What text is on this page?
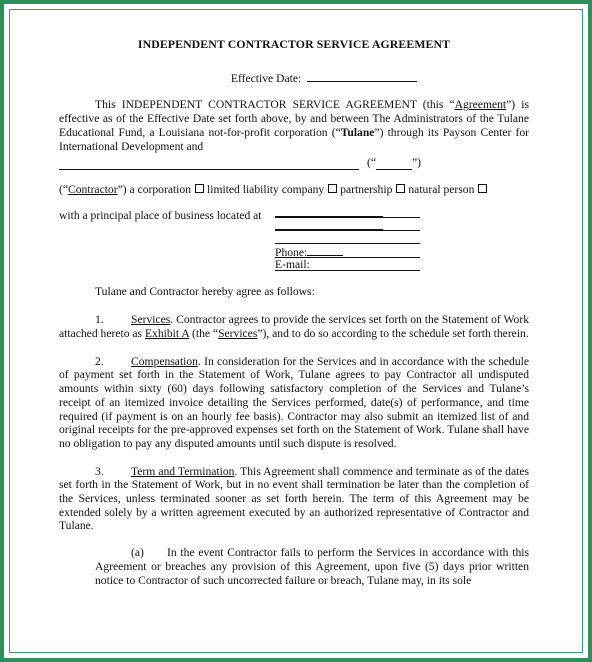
INDEPENDENT CONTRACTOR SERVICE AGREEMENT
Effective Date:

This INDEPENDENT CONTRACTOR SERVICE AGREEMENT (this “Agreement”) is effective as of the Effective Date set forth above, by and between The Administrators of the Tulane Educational Fund, a Louisiana not-for-profit corporation (“Tulane”) through its Payson Center for International Development and

(“	”)
(“Contractor”) a corporation limited liability company partnership natural person
with a principal place of business located at
Phone:
E-mail:

Tulane and Contractor hereby agree as follows:

1. Services. Contractor agrees to provide the services set forth on the Statement of Work attached hereto as Exhibit A (the “Services”), and to do so according to the schedule set forth therein.

2. Compensation. In consideration for the Services and in accordance with the schedule of payment set forth in the Statement of Work, Tulane agrees to pay Contractor all undisputed amounts within sixty (60) days following satisfactory completion of the Services and Tulane’s receipt of an itemized invoice detailing the Services performed, date(s) of performance, and time required (if payment is on an hourly fee basis). Contractor may also submit an itemized list of and original receipts for the pre-approved expenses set forth on the Statement of Work. Tulane shall have no obligation to pay any disputed amounts until such dispute is resolved.

3. Term and Termination. This Agreement shall commence and terminate as of the dates set forth in the Statement of Work, but in no event shall termination be later than the completion of the Services, unless terminated sooner as set forth herein. The term of this Agreement may be extended solely by a written agreement executed by an authorized representative of Contractor and Tulane.

(a) In the event Contractor fails to perform the Services in accordance with this Agreement or breaches any provision of this Agreement, upon five (5) days prior written notice to Contractor of such uncorrected failure or breach, Tulane may, in its sole
